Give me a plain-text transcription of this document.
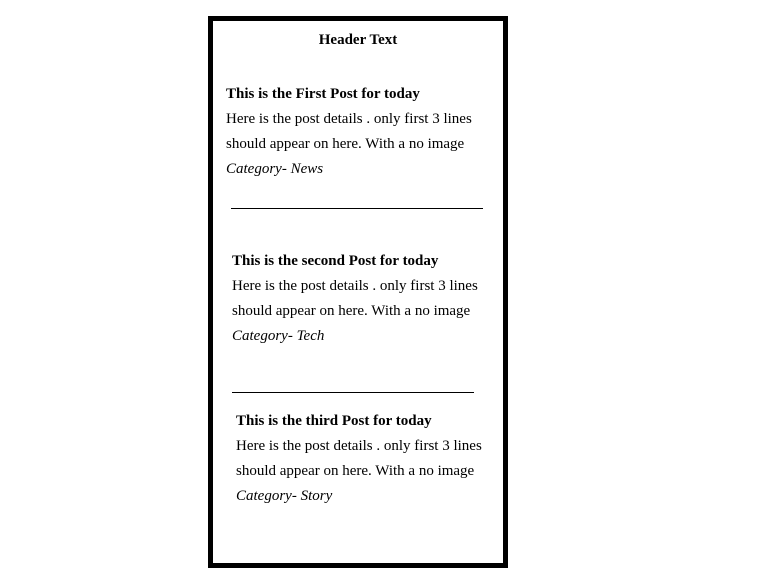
Header Text
This is the First Post for today
Here is the post details . only first 3 lines should appear on here. With a no image
Category- News
This is the second Post for today
Here is the post details . only first 3 lines should appear on here. With a no image
Category- Tech
This is the third Post for today
Here is the post details . only first 3 lines should appear on here. With a no image
Category- Story
